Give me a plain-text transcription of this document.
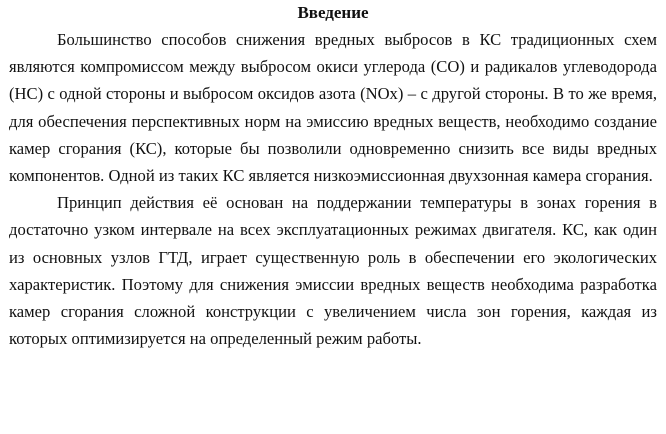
Введение

Большинство способов снижения вредных выбросов в КС традиционных схем являются компромиссом между выбросом окиси углерода (СО) и радикалов углеводорода (НС) с одной стороны и выбросом оксидов азота (NOx) – с другой стороны. В то же время, для обеспечения перспективных норм на эмиссию вредных веществ, необходимо создание камер сгорания (КС), которые бы позволили одновременно снизить все виды вредных компонентов. Одной из таких КС является низкоэмиссионная двухзонная камера сгорания.

Принцип действия её основан на поддержании температуры в зонах горения в достаточно узком интервале на всех эксплуатационных режимах двигателя. КС, как один из основных узлов ГТД, играет существенную роль в обеспечении его экологических характеристик. Поэтому для снижения эмиссии вредных веществ необходима разработка камер сгорания сложной конструкции с увеличением числа зон горения, каждая из которых оптимизируется на определенный режим работы.
